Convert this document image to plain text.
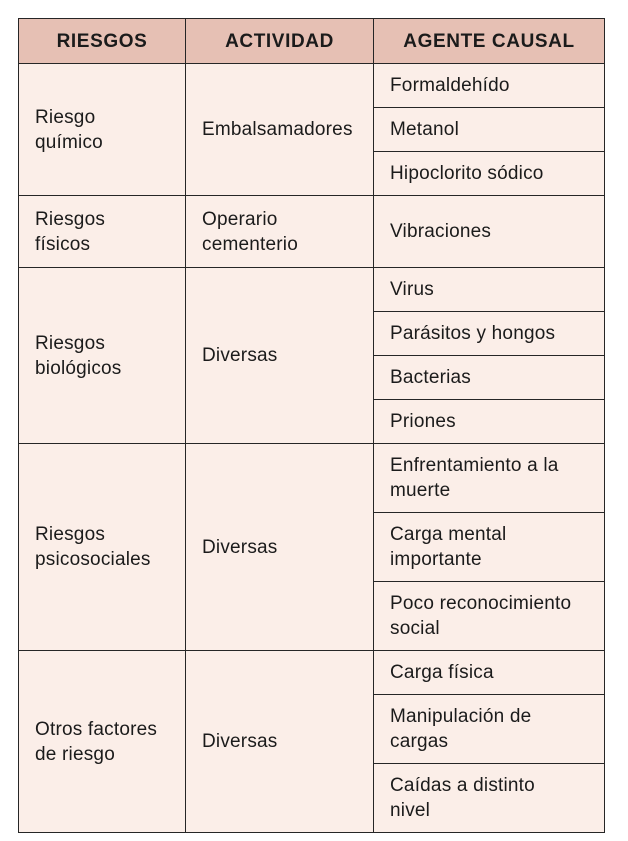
RIESGOS	ACTIVIDAD	AGENTE CAUSAL
Riesgo químico	Embalsamadores	Formaldehído
		Metanol
		Hipoclorito sódico
Riesgos físicos	Operario cementerio	Vibraciones
Riesgos biológicos	Diversas	Virus
		Parásitos y hongos
		Bacterias
		Priones
Riesgos psicosociales	Diversas	Enfrentamiento a la muerte
		Carga mental importante
		Poco reconocimiento social
Otros factores de riesgo	Diversas	Carga física
		Manipulación de cargas
		Caídas a distinto nivel
